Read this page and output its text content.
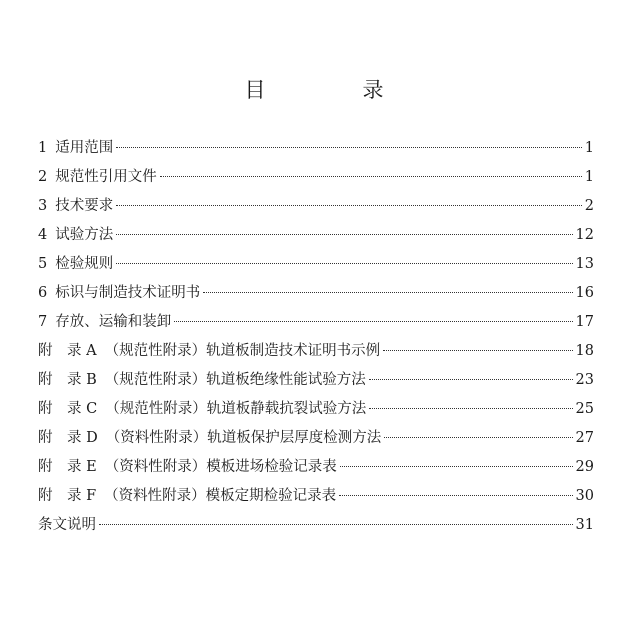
目　录
1 适用范围	1
2 规范性引用文件	1
3 技术要求	2
4 试验方法	12
5 检验规则	13
6 标识与制造技术证明书	16
7 存放、运输和装卸	17
附　录 A （规范性附录）轨道板制造技术证明书示例	18
附　录 B （规范性附录）轨道板绝缘性能试验方法	23
附　录 C （规范性附录）轨道板静载抗裂试验方法	25
附　录 D （资料性附录）轨道板保护层厚度检测方法	27
附　录 E （资料性附录）模板进场检验记录表	29
附　录 F （资料性附录）模板定期检验记录表	30
条文说明	31
